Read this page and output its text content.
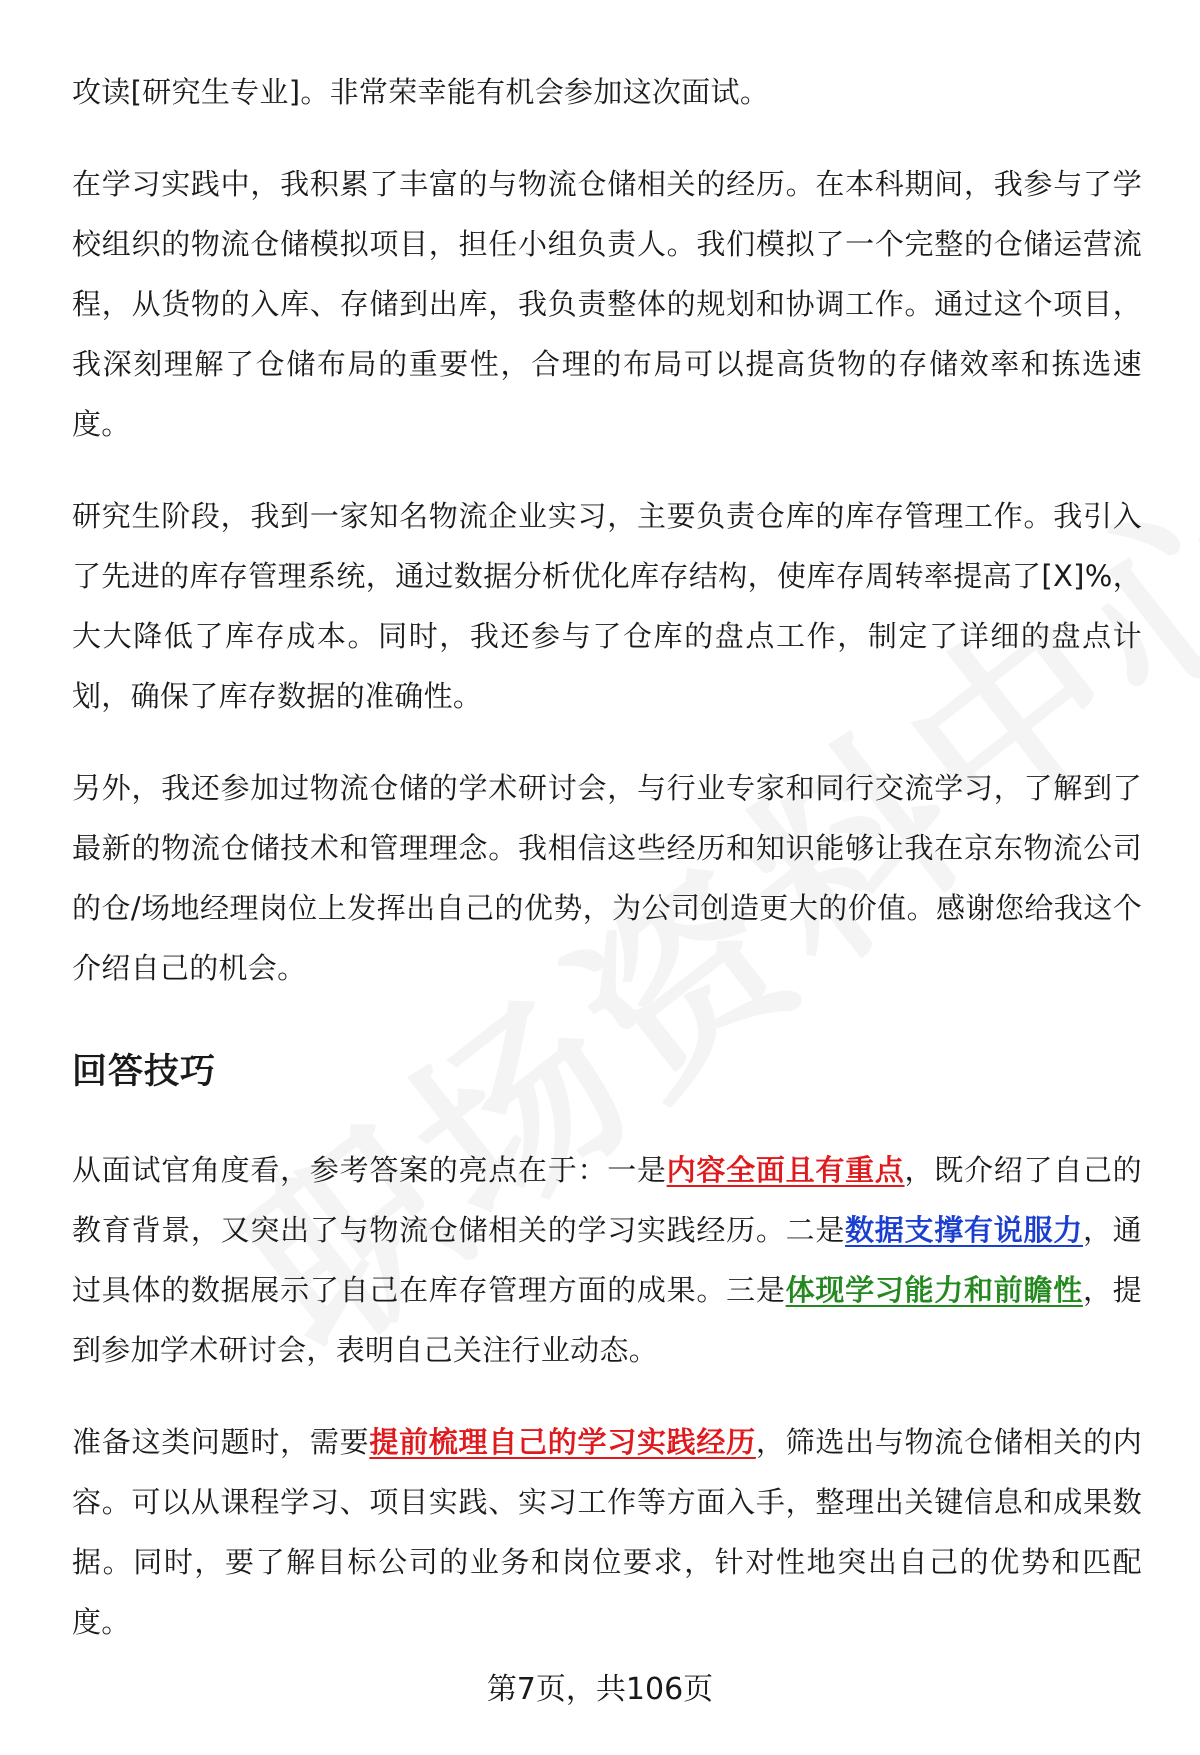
攻读[研究生专业]。非常荣幸能有机会参加这次面试。

在学习实践中，我积累了丰富的与物流仓储相关的经历。在本科期间，我参与了学校组织的物流仓储模拟项目，担任小组负责人。我们模拟了一个完整的仓储运营流程，从货物的入库、存储到出库，我负责整体的规划和协调工作。通过这个项目，我深刻理解了仓储布局的重要性，合理的布局可以提高货物的存储效率和拣选速度。

研究生阶段，我到一家知名物流企业实习，主要负责仓库的库存管理工作。我引入了先进的库存管理系统，通过数据分析优化库存结构，使库存周转率提高了[X]%，大大降低了库存成本。同时，我还参与了仓库的盘点工作，制定了详细的盘点计划，确保了库存数据的准确性。

另外，我还参加过物流仓储的学术研讨会，与行业专家和同行交流学习，了解到了最新的物流仓储技术和管理理念。我相信这些经历和知识能够让我在京东物流公司的仓/场地经理岗位上发挥出自己的优势，为公司创造更大的价值。感谢您给我这个介绍自己的机会。

回答技巧

从面试官角度看，参考答案的亮点在于：一是内容全面且有重点，既介绍了自己的教育背景，又突出了与物流仓储相关的学习实践经历。二是数据支撑有说服力，通过具体的数据展示了自己在库存管理方面的成果。三是体现学习能力和前瞻性，提到参加学术研讨会，表明自己关注行业动态。

准备这类问题时，需要提前梳理自己的学习实践经历，筛选出与物流仓储相关的内容。可以从课程学习、项目实践、实习工作等方面入手，整理出关键信息和成果数据。同时，要了解目标公司的业务和岗位要求，针对性地突出自己的优势和匹配度。

第7页，共106页
